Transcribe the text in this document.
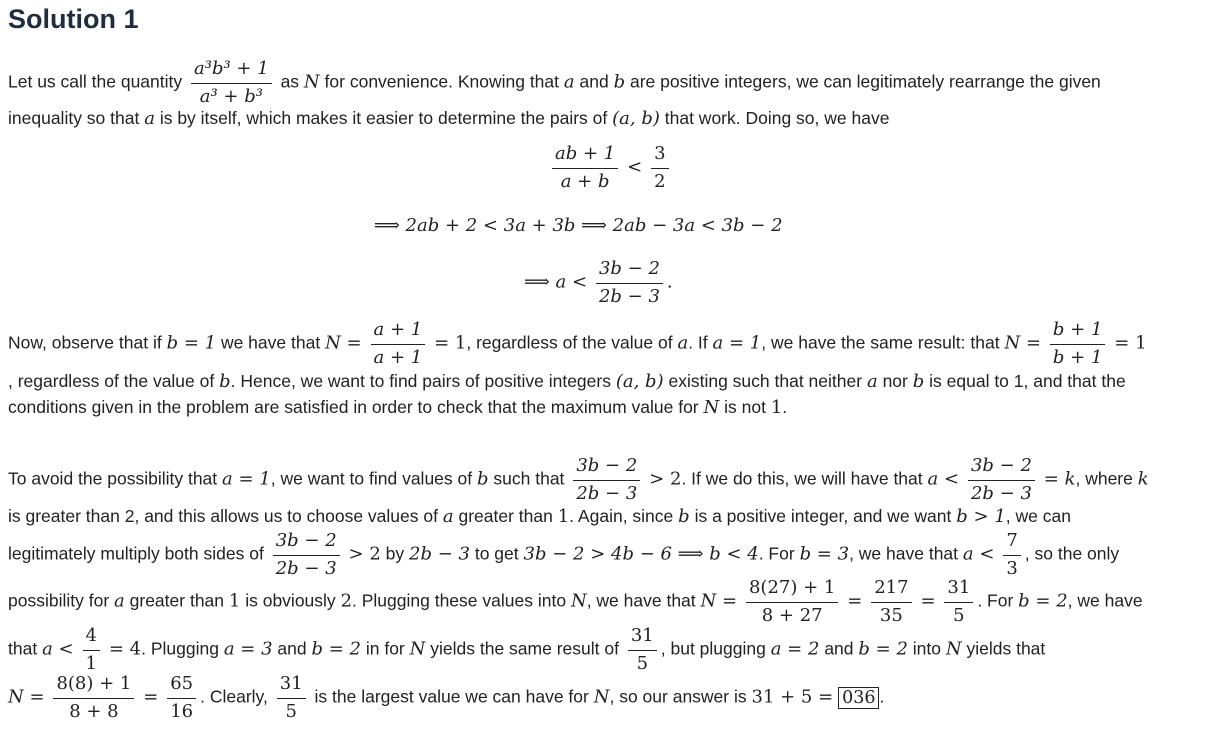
Solution 1
Let us call the quantity $\frac{\text{a³b³ + 1}}{\text{a³ + b³}}$ as N for convenience. Knowing that a and b are positive integers, we can legitimately rearrange the given
inequality so that a is by itself, which makes it easier to determine the pairs of (a, b) that work. Doing so, we have
$\frac{ab + 1}{a + b} < \frac{3}{2}$
⟹ 2ab + 2 < 3a + 3b ⟹ 2ab − 3a < 3b − 2
⟹ $a < \frac{3b - 2}{2b - 3}$ .
Now, observe that if b = 1 we have that $N = \frac{a + 1}{a + 1} = 1$, regardless of the value of a. If a = 1, we have the same result: that $N = \frac{b + 1}{b + 1} = 1$
, regardless of the value of b. Hence, we want to find pairs of positive integers (a, b) existing such that neither a nor b is equal to 1, and that the
conditions given in the problem are satisfied in order to check that the maximum value for N is not 1.
To avoid the possibility that a = 1, we want to find values of b such that $\frac{3b - 2}{2b - 3} > 2$. If we do this, we will have that $a < \frac{3b - 2}{2b - 3} = k$, where k
is greater than 2, and this allows us to choose values of a greater than 1. Again, since b is a positive integer, and we want b > 1, we can
legitimately multiply both sides of $\frac{3b - 2}{2b - 3} > 2$ by 2b − 3 to get 3b − 2 > 4b − 6 ⟹ b < 4. For b = 3, we have that $a < \frac{7}{3}$ , so the only
possibility for a greater than 1 is obviously 2. Plugging these values into N, we have that $N = \frac{8(27) + 1}{8 + 27} = \frac{217}{35} = \frac{31}{5}$ . For b = 2, we have
that $a < \frac{4}{1} = 4$. Plugging a = 3 and b = 2 in for N yields the same result of $\frac{31}{5}$ , but plugging a = 2 and b = 2 into N yields that
$N = \frac{8(8) + 1}{8 + 8} = \frac{65}{16}$ . Clearly, $\frac{31}{5}$ is the largest value we can have for N, so our answer is 31 + 5 = 036 .
